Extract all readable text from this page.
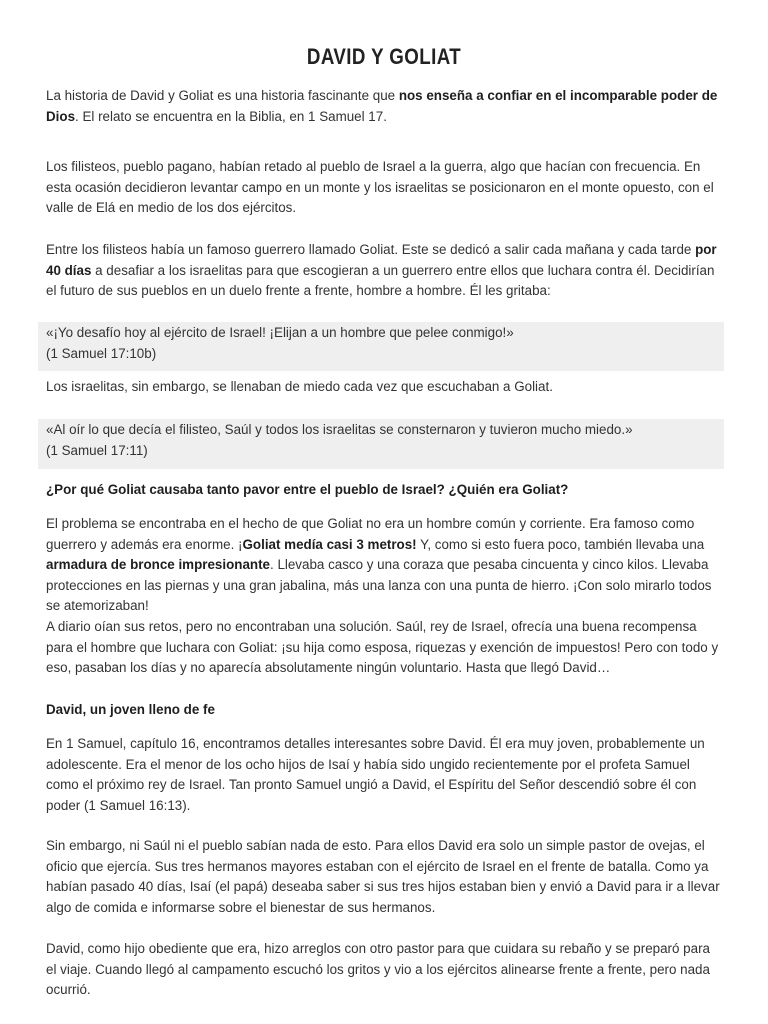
DAVID Y GOLIAT

La historia de David y Goliat es una historia fascinante que nos enseña a confiar en el incomparable poder de Dios. El relato se encuentra en la Biblia, en 1 Samuel 17.

Los filisteos, pueblo pagano, habían retado al pueblo de Israel a la guerra, algo que hacían con frecuencia. En esta ocasión decidieron levantar campo en un monte y los israelitas se posicionaron en el monte opuesto, con el valle de Elá en medio de los dos ejércitos.

Entre los filisteos había un famoso guerrero llamado Goliat. Este se dedicó a salir cada mañana y cada tarde por 40 días a desafiar a los israelitas para que escogieran a un guerrero entre ellos que luchara contra él. Decidirían el futuro de sus pueblos en un duelo frente a frente, hombre a hombre. Él les gritaba:

«¡Yo desafío hoy al ejército de Israel! ¡Elijan a un hombre que pelee conmigo!»
(1 Samuel 17:10b)

Los israelitas, sin embargo, se llenaban de miedo cada vez que escuchaban a Goliat.

«Al oír lo que decía el filisteo, Saúl y todos los israelitas se consternaron y tuvieron mucho miedo.»
(1 Samuel 17:11)
¿Por qué Goliat causaba tanto pavor entre el pueblo de Israel? ¿Quién era Goliat?

El problema se encontraba en el hecho de que Goliat no era un hombre común y corriente. Era famoso como guerrero y además era enorme. ¡Goliat medía casi 3 metros! Y, como si esto fuera poco, también llevaba una armadura de bronce impresionante. Llevaba casco y una coraza que pesaba cincuenta y cinco kilos. Llevaba protecciones en las piernas y una gran jabalina, más una lanza con una punta de hierro. ¡Con solo mirarlo todos se atemorizaban!

A diario oían sus retos, pero no encontraban una solución. Saúl, rey de Israel, ofrecía una buena recompensa para el hombre que luchara con Goliat: ¡su hija como esposa, riquezas y exención de impuestos! Pero con todo y eso, pasaban los días y no aparecía absolutamente ningún voluntario. Hasta que llegó David…

David, un joven lleno de fe

En 1 Samuel, capítulo 16, encontramos detalles interesantes sobre David. Él era muy joven, probablemente un adolescente. Era el menor de los ocho hijos de Isaí y había sido ungido recientemente por el profeta Samuel como el próximo rey de Israel. Tan pronto Samuel ungió a David, el Espíritu del Señor descendió sobre él con poder (1 Samuel 16:13).

Sin embargo, ni Saúl ni el pueblo sabían nada de esto. Para ellos David era solo un simple pastor de ovejas, el oficio que ejercía. Sus tres hermanos mayores estaban con el ejército de Israel en el frente de batalla. Como ya habían pasado 40 días, Isaí (el papá) deseaba saber si sus tres hijos estaban bien y envió a David para ir a llevar algo de comida e informarse sobre el bienestar de sus hermanos.

David, como hijo obediente que era, hizo arreglos con otro pastor para que cuidara su rebaño y se preparó para el viaje. Cuando llegó al campamento escuchó los gritos y vio a los ejércitos alinearse frente a frente, pero nada ocurrió.
